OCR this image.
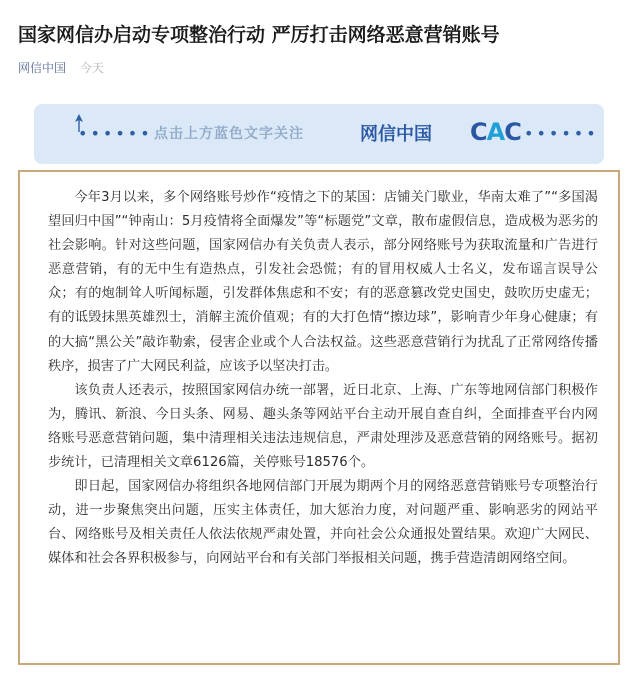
国家网信办启动专项整治行动 严厉打击网络恶意营销账号
网信中国 今天
•••••• 点击上方蓝色文字关注	网信中国 CAC ••••••

今年3月以来，多个网络账号炒作“疫情之下的某国：店铺关门歇业，华南太难了”“多国渴望回归中国”“钟南山：5月疫情将全面爆发”等“标题党”文章，散布虚假信息，造成极为恶劣的社会影响。针对这些问题，国家网信办有关负责人表示，部分网络账号为获取流量和广告进行恶意营销，有的无中生有造热点，引发社会恐慌；有的冒用权威人士名义，发布谣言误导公众；有的炮制耸人听闻标题，引发群体焦虑和不安；有的恶意篡改党史国史，鼓吹历史虚无；有的诋毁抹黑英雄烈士，消解主流价值观；有的大打色情“擦边球”，影响青少年身心健康；有的大搞“黑公关”敲诈勒索，侵害企业或个人合法权益。这些恶意营销行为扰乱了正常网络传播秩序，损害了广大网民利益，应该予以坚决打击。

该负责人还表示，按照国家网信办统一部署，近日北京、上海、广东等地网信部门积极作为，腾讯、新浪、今日头条、网易、趣头条等网站平台主动开展自查自纠，全面排查平台内网络账号恶意营销问题，集中清理相关违法违规信息，严肃处理涉及恶意营销的网络账号。据初步统计，已清理相关文章6126篇，关停账号18576个。

即日起，国家网信办将组织各地网信部门开展为期两个月的网络恶意营销账号专项整治行动，进一步聚焦突出问题，压实主体责任，加大惩治力度，对问题严重、影响恶劣的网站平台、网络账号及相关责任人依法依规严肃处置，并向社会公众通报处置结果。欢迎广大网民、媒体和社会各界积极参与，向网站平台和有关部门举报相关问题，携手营造清朗网络空间。
